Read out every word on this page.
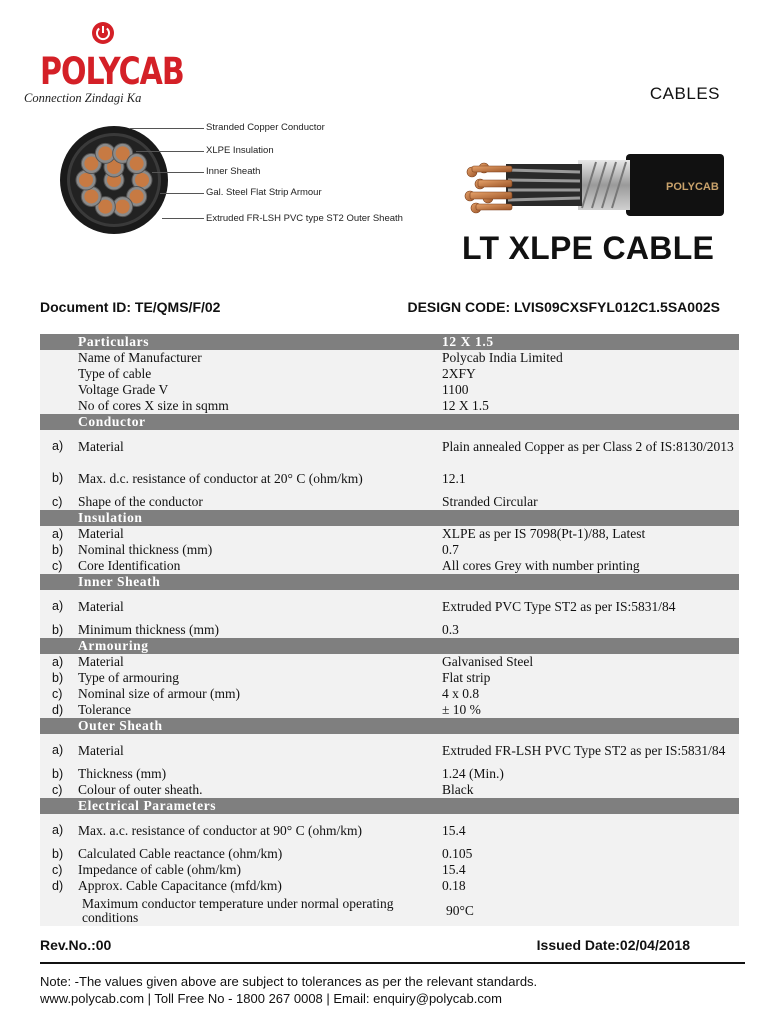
POLYCAB
Connection Zindagi Ka	CABLES
Stranded Copper Conductor
XLPE Insulation
Inner Sheath
Gal. Steel Flat Strip Armour
Extruded FR-LSH PVC type ST2 Outer Sheath
POLYCAB
LT XLPE CABLE
Document ID: TE/QMS/F/02	DESIGN CODE: LVIS09CXSFYL012C1.5SA002S
Particulars	12 X 1.5
Name of Manufacturer	Polycab India Limited
Type of cable	2XFY
Voltage Grade V	1100
No of cores X size in sqmm	12 X 1.5
Conductor
a)	Material	Plain annealed Copper as per Class 2 of IS:8130/2013
b)	Max. d.c. resistance of conductor at 20° C (ohm/km)	12.1
c)	Shape of the conductor	Stranded Circular
Insulation
a)	Material	XLPE as per IS 7098(Pt-1)/88, Latest
b)	Nominal thickness (mm)	0.7
c)	Core Identification	All cores Grey with number printing
Inner Sheath
a)	Material	Extruded PVC Type ST2 as per IS:5831/84
b)	Minimum thickness (mm)	0.3
Armouring
a)	Material	Galvanised Steel
b)	Type of armouring	Flat strip
c)	Nominal size of armour (mm)	4 x 0.8
d)	Tolerance	± 10 %
Outer Sheath
a)	Material	Extruded FR-LSH PVC Type ST2 as per IS:5831/84
b)	Thickness (mm)	1.24 (Min.)
c)	Colour of outer sheath.	Black
Electrical Parameters
a)	Max. a.c. resistance of conductor at 90° C (ohm/km)	15.4
b)	Calculated Cable reactance (ohm/km)	0.105
c)	Impedance of cable (ohm/km)	15.4
d)	Approx. Cable Capacitance (mfd/km)	0.18
Maximum conductor temperature under normal operating conditions	90°C
Rev.No.:00	Issued Date:02/04/2018
Note: -The values given above are subject to tolerances as per the relevant standards.
www.polycab.com | Toll Free No - 1800 267 0008 | Email: enquiry@polycab.com
